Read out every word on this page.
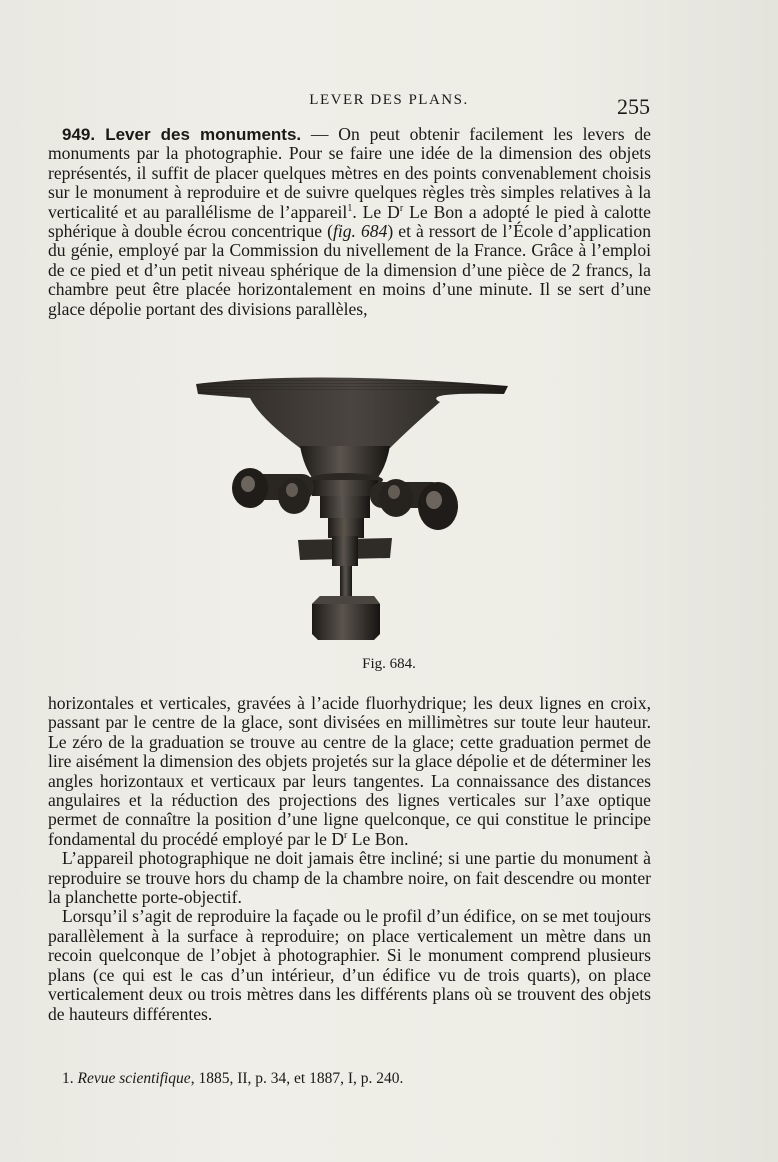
LEVER DES PLANS.	255

949. Lever des monuments. — On peut obtenir facilement les levers de monuments par la photographie. Pour se faire une idée de la dimension des objets représentés, il suffit de placer quelques mètres en des points convenablement choisis sur le monument à reproduire et de suivre quelques règles très simples relatives à la verticalité et au parallélisme de l’appareil$^1$. Le $D^r$ Le Bon a adopté le pied à calotte sphérique à double écrou concentrique (fig. 684) et à ressort de l’École d’application du génie, employé par la Commission du nivellement de la France. Grâce à l’emploi de ce pied et d’un petit niveau sphérique de la dimension d’une pièce de 2 francs, la chambre peut être placée horizontalement en moins d’une minute. Il se sert d’une glace dépolie portant des divisions parallèles,

Fig. 684.

horizontales et verticales, gravées à l’acide fluorhydrique; les deux lignes en croix, passant par le centre de la glace, sont divisées en millimètres sur toute leur hauteur. Le zéro de la graduation se trouve au centre de la glace; cette graduation permet de lire aisément la dimension des objets projetés sur la glace dépolie et de déterminer les angles horizontaux et verticaux par leurs tangentes. La connaissance des distances angulaires et la réduction des projections des lignes verticales sur l’axe optique permet de connaître la position d’une ligne quelconque, ce qui constitue le principe fondamental du procédé employé par le $D^r$ Le Bon.

L’appareil photographique ne doit jamais être incliné; si une partie du monument à reproduire se trouve hors du champ de la chambre noire, on fait descendre ou monter la planchette porte-objectif.

Lorsqu’il s’agit de reproduire la façade ou le profil d’un édifice, on se met toujours parallèlement à la surface à reproduire; on place verticalement un mètre dans un recoin quelconque de l’objet à photographier. Si le monument comprend plusieurs plans (ce qui est le cas d’un intérieur, d’un édifice vu de trois quarts), on place verticalement deux ou trois mètres dans les différents plans où se trouvent des objets de hauteurs différentes.

1. Revue scientifique, 1885, II, p. 34, et 1887, I, p. 240.
